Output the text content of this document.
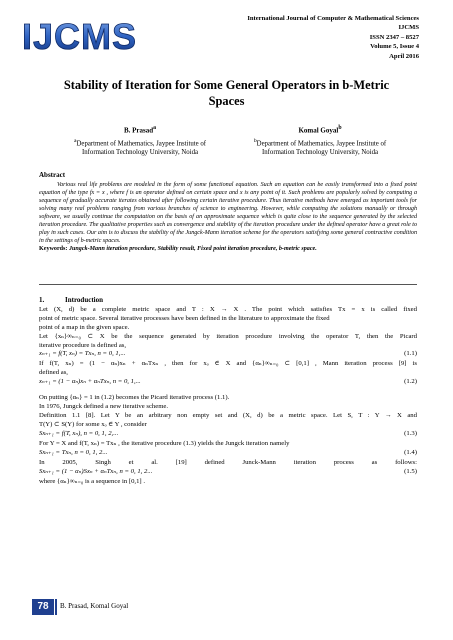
IJCMS	International Journal of Computer & Mathematical Sciences
IJCMS
ISSN 2347 – 8527
Volume 5, Issue 4
April 2016
Stability of Iteration for Some General Operators in b-Metric
Spaces
B. Prasad$^a$
$^a$Department of Mathematics, Jaypee Institute of
Information Technology University, Noida
Komal Goyal$^b$
$^b$Department of Mathematics, Jaypee Institute of
Information Technology University, Noida
Abstract

Various real life problems are modeled in the form of some functional equation. Such an equation can be easily transformed into a fixed point equation of the type fx = x , where f is an operator defined on certain space and x is any point of it. Such problems are popularly solved by computing a sequence of gradually accurate iterates obtained after following certain iterative procedure. Thus iterative methods have emerged as important tools for solving many real problems ranging from various branches of science to engineering. However, while computing the solutions manually or through software, we usually continue the computation on the basis of an approximate sequence which is quite close to the sequence generated by the selected iteration procedure. The qualitative properties such as convergence and stability of the iteration procedure under the defined operator have a great role to play in such cases. Our aim is to discuss the stability of the Jungck-Mann iteration scheme for the operators satisfying some general contractive condition in the settings of b-metric spaces.

Keywords: Jungck-Mann iteration procedure, Stability result, Fixed point iteration procedure, b-metric space.
1.	Introduction
Let (X, d) be a complete metric space and T : X → X . The point which satisfies Tx = x is called fixed
point of metric space. Several iterative processes have been defined in the literature to approximate the fixed
point of a map in the given space.
Let {xₙ}∞ₙ₌₀ ⊂ X be the sequence generated by iteration procedure involving the operator T, then the Picard
iterative procedure is defined as,
xₙ₊₁ = f(T, xₙ) = Txₙ, n = 0, 1,...	(1.1)
If f(T, xₙ) = (1 − αₙ)xₙ + αₙTxₙ , then for xₒ ∈ X and {αₙ}∞ₙ₌₀ ⊂ [0,1] , Mann iteration process [9] is
defined as,
xₙ₊₁ = (1 − αₙ)xₙ + αₙTxₙ, n = 0, 1,...	(1.2)
On putting {αₙ} = 1 in (1.2) becomes the Picard iterative process (1.1).
In 1976, Jungck defined a new iterative scheme.
Definition 1.1 [8]. Let Y be an arbitrary non empty set and (X, d) be a metric space. Let S, T : Y → X and
T(Y) ⊂ S(Y) for some xₒ ∈ Y , consider
Sxₙ₊₁ = f(T, xₙ), n = 0, 1, 2,...	(1.3)
For Y = X and f(T, xₙ) = Txₙ , the iterative procedure (1.3) yields the Jungck iteration namely
Sxₙ₊₁ = Txₙ, n = 0, 1, 2...	(1.4)
In 2005, Singh et al. [19] defined Junck-Mann iteration process as follows:
Sxₙ₊₁ = (1 − αₙ)Sxₙ + αₙTxₙ, n = 0, 1, 2...	(1.5)
where {αₙ}∞ₙ₌₀ is a sequence in [0,1] .
78	B. Prasad, Komal Goyal
